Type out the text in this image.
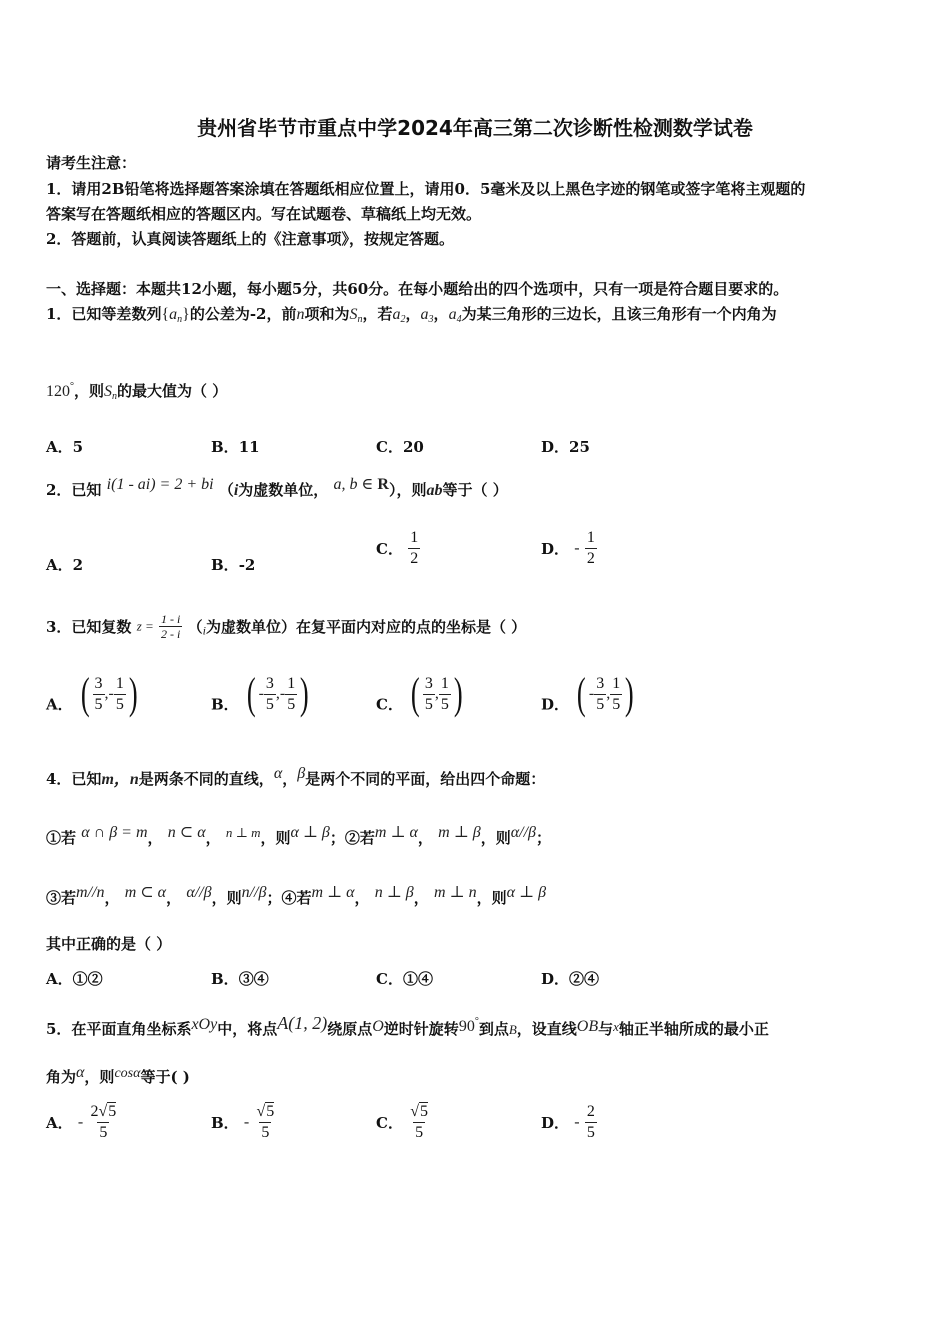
贵州省毕节市重点中学2024年高三第二次诊断性检测数学试卷
请考生注意：
1．请用2B铅笔将选择题答案涂填在答题纸相应位置上，请用0．5毫米及以上黑色字迹的钢笔或签字笔将主观题的
答案写在答题纸相应的答题区内。写在试题卷、草稿纸上均无效。
2．答题前，认真阅读答题纸上的《注意事项》，按规定答题。
一、选择题：本题共12小题，每小题5分，共60分。在每小题给出的四个选项中，只有一项是符合题目要求的。
1．已知等差数列$\{a_n\}$的公差为-2，前n项和为$S_n$，若$a_2$，$a_3$，$a_4$为某三角形的三边长，且该三角形有一个内角为
120°，则$S_n$的最大值为（ ）
A．5	B．11	C．20	D．25
2．已知 i(1 - ai) = 2 + bi （i为虚数单位， a, b ∈ R），则ab等于（ ）
A．2	B．-2
C． $\frac{1}{2}$	D． - $\frac{1}{2}$
3．已知复数 $z = \frac{1 - i}{2 - i} (_i$为虚数单位）在复平面内对应的点的坐标是（ ）
A． ( $\frac{3}{5}$ , - $\frac{1}{5}$ )	B． ( - $\frac{3}{5}$ , - $\frac{1}{5}$ )	C． ( $\frac{3}{5}$ , $\frac{1}{5}$ )	D． ( - $\frac{3}{5}$ , $\frac{1}{5}$ )
4．已知m，n是两条不同的直线，α，β是两个不同的平面，给出四个命题：
①若 α ∩ β = m， n ⊂ α， n ⊥ m，则α ⊥ β；②若m ⊥ α， m ⊥ β，则α//β；
③若m//n， m ⊂ α， α//β，则n//β；④若m ⊥ α， n ⊥ β， m ⊥ n，则α ⊥ β
其中正确的是（ ）
A．①②	B．③④	C．①④	D．②④
5．在平面直角坐标系xOy中，将点A(1, 2)绕原点O逆时针旋转90°到点B，设直线OB与x轴正半轴所成的最小正
角为α，则cosα等于( )
A． - $\frac{2√5}{5}$	B． - $\frac{√5}{5}$	C． $\frac{√5}{5}$	D． - $\frac{2}{5}$
